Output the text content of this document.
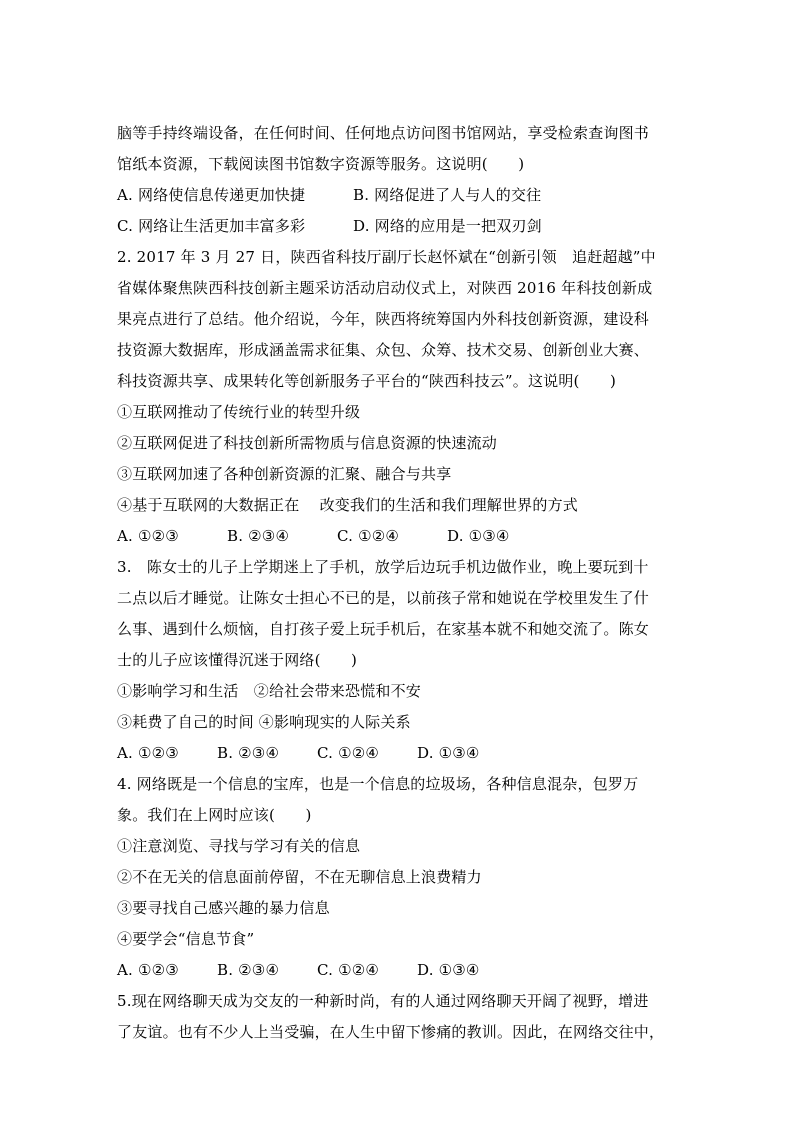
脑等手持终端设备，在任何时间、任何地点访问图书馆网站，享受检索查询图书
馆纸本资源，下载阅读图书馆数字资源等服务。这说明(　　)
A. 网络使信息传递更加快捷	B. 网络促进了人与人的交往
C. 网络让生活更加丰富多彩	D. 网络的应用是一把双刃剑
2. 2017 年 3 月 27 日，陕西省科技厅副厅长赵怀斌在“创新引领　追赶超越”中
省媒体聚焦陕西科技创新主题采访活动启动仪式上，对陕西 2016 年科技创新成
果亮点进行了总结。他介绍说，今年，陕西将统筹国内外科技创新资源，建设科
技资源大数据库，形成涵盖需求征集、众包、众筹、技术交易、创新创业大赛、
科技资源共享、成果转化等创新服务子平台的“陕西科技云”。这说明(　　)
①互联网推动了传统行业的转型升级
②互联网促进了科技创新所需物质与信息资源的快速流动
③互联网加速了各种创新资源的汇聚、融合与共享
④基于互联网的大数据正在　 改变我们的生活和我们理解世界的方式
A. ①②③	B. ②③④	C. ①②④	D. ①③④
3.　陈女士的儿子上学期迷上了手机，放学后边玩手机边做作业，晚上要玩到十
二点以后才睡觉。让陈女士担心不已的是，以前孩子常和她说在学校里发生了什
么事、遇到什么烦恼，自打孩子爱上玩手机后，在家基本就不和她交流了。陈女
士的儿子应该懂得沉迷于网络(　　)
①影响学习和生活　②给社会带来恐慌和不安
③耗费了自己的时间 ④影响现实的人际关系
A. ①②③	B. ②③④	C. ①②④	D. ①③④
4. 网络既是一个信息的宝库，也是一个信息的垃圾场，各种信息混杂，包罗万
象。我们在上网时应该(　　)
①注意浏览、寻找与学习有关的信息
②不在无关的信息面前停留，不在无聊信息上浪费精力
③要寻找自己感兴趣的暴力信息
④要学会“信息节食”
A. ①②③	B. ②③④	C. ①②④	D. ①③④
5.现在网络聊天成为交友的一种新时尚，有的人通过网络聊天开阔了视野，增进
了友谊。也有不少人上当受骗，在人生中留下惨痛的教训。因此，在网络交往中，
